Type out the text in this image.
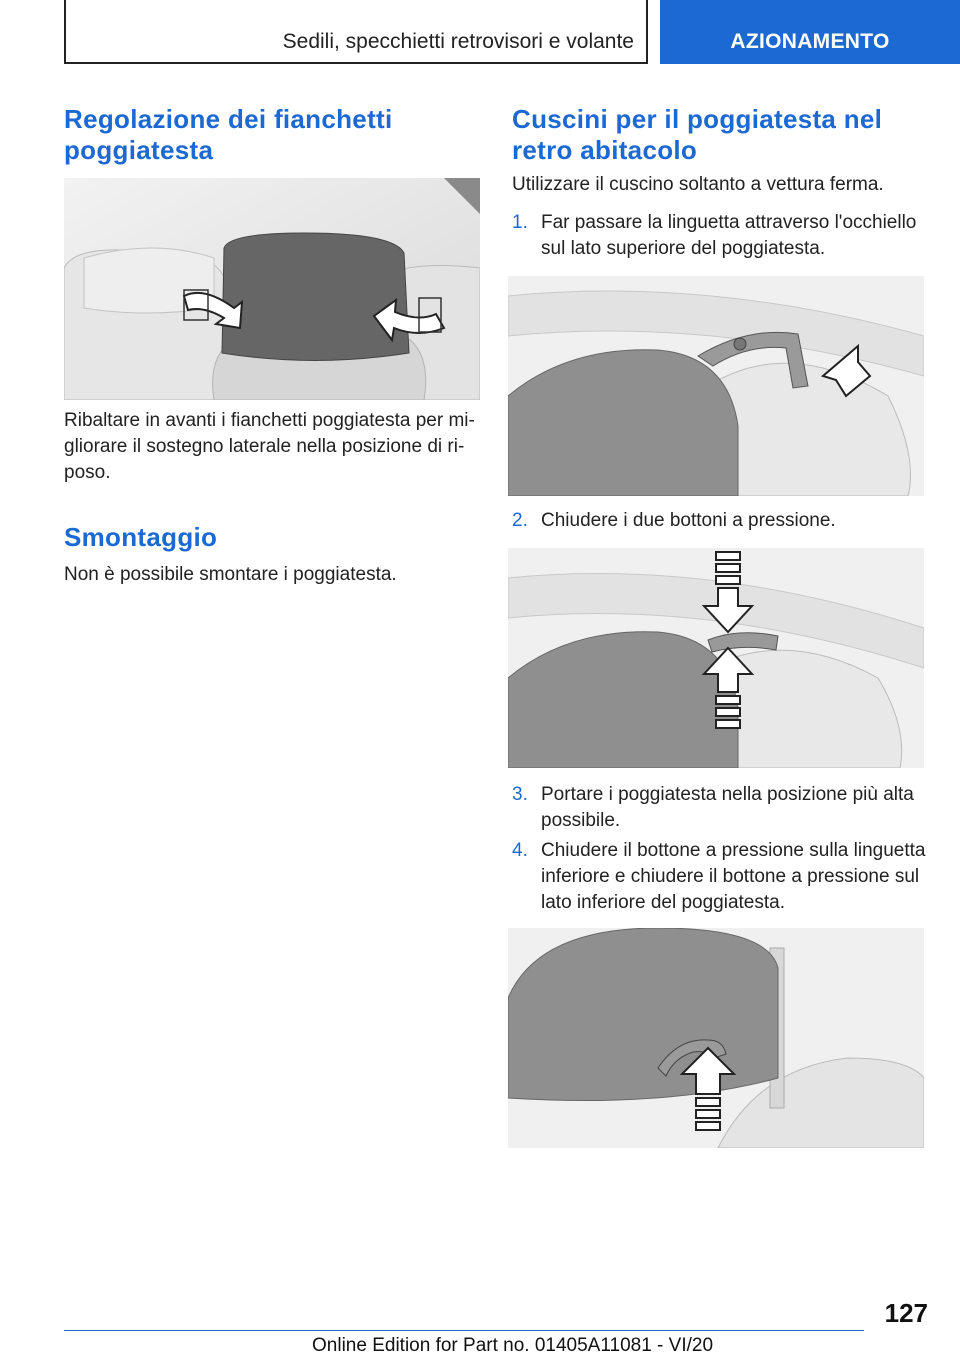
Sedili, specchietti retrovisori e volante	AZIONAMENTO
Regolazione dei fianchetti poggiatesta

Ribaltare in avanti i fianchetti poggiatesta per mi-gliorare il sostegno laterale nella posizione di ri-poso.

Smontaggio

Non è possibile smontare i poggiatesta.

Cuscini per il poggiatesta nel retro abitacolo

Utilizzare il cuscino soltanto a vettura ferma.

1. Far passare la linguetta attraverso l'occhiello sul lato superiore del poggiatesta.
2. Chiudere i due bottoni a pressione.
3. Portare i poggiatesta nella posizione più alta possibile.
4. Chiudere il bottone a pressione sulla linguetta inferiore e chiudere il bottone a pressione sul lato inferiore del poggiatesta.
127
Online Edition for Part no. 01405A11081 - VI/20
